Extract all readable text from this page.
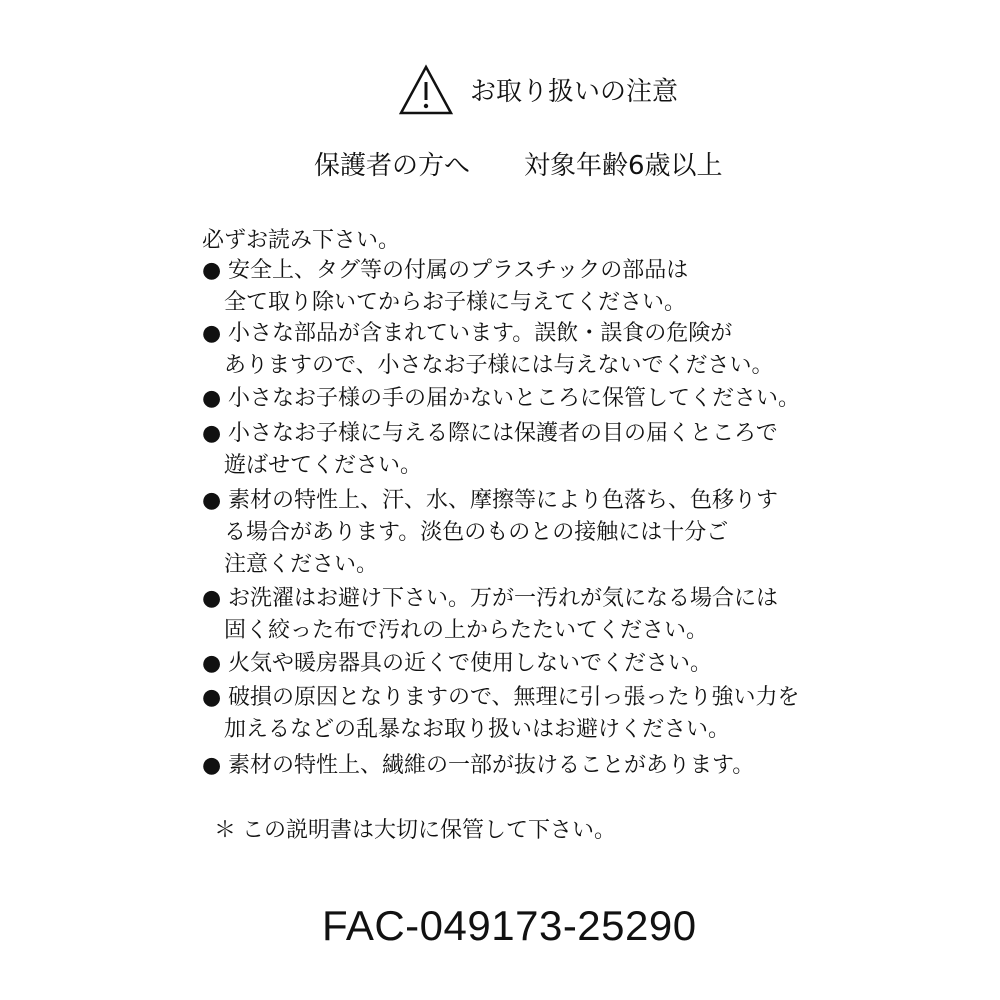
お取り扱いの注意
保護者の方へ 対象年齢6歳以上
必ずお読み下さい。
● 安全上、タグ等の付属のプラスチックの部品は
全て取り除いてからお子様に与えてください。
● 小さな部品が含まれています。誤飲・誤食の危険が
ありますので、小さなお子様には与えないでください。
● 小さなお子様の手の届かないところに保管してください。
● 小さなお子様に与える際には保護者の目の届くところで
遊ばせてください。
● 素材の特性上、汗、水、摩擦等により色落ち、色移りす
る場合があります。淡色のものとの接触には十分ご
注意ください。
● お洗濯はお避け下さい。万が一汚れが気になる場合には
固く絞った布で汚れの上からたたいてください。
● 火気や暖房器具の近くで使用しないでください。
● 破損の原因となりますので、無理に引っ張ったり強い力を
加えるなどの乱暴なお取り扱いはお避けください。
● 素材の特性上、繊維の一部が抜けることがあります。
＊ この説明書は大切に保管して下さい。
FAC-049173-25290
